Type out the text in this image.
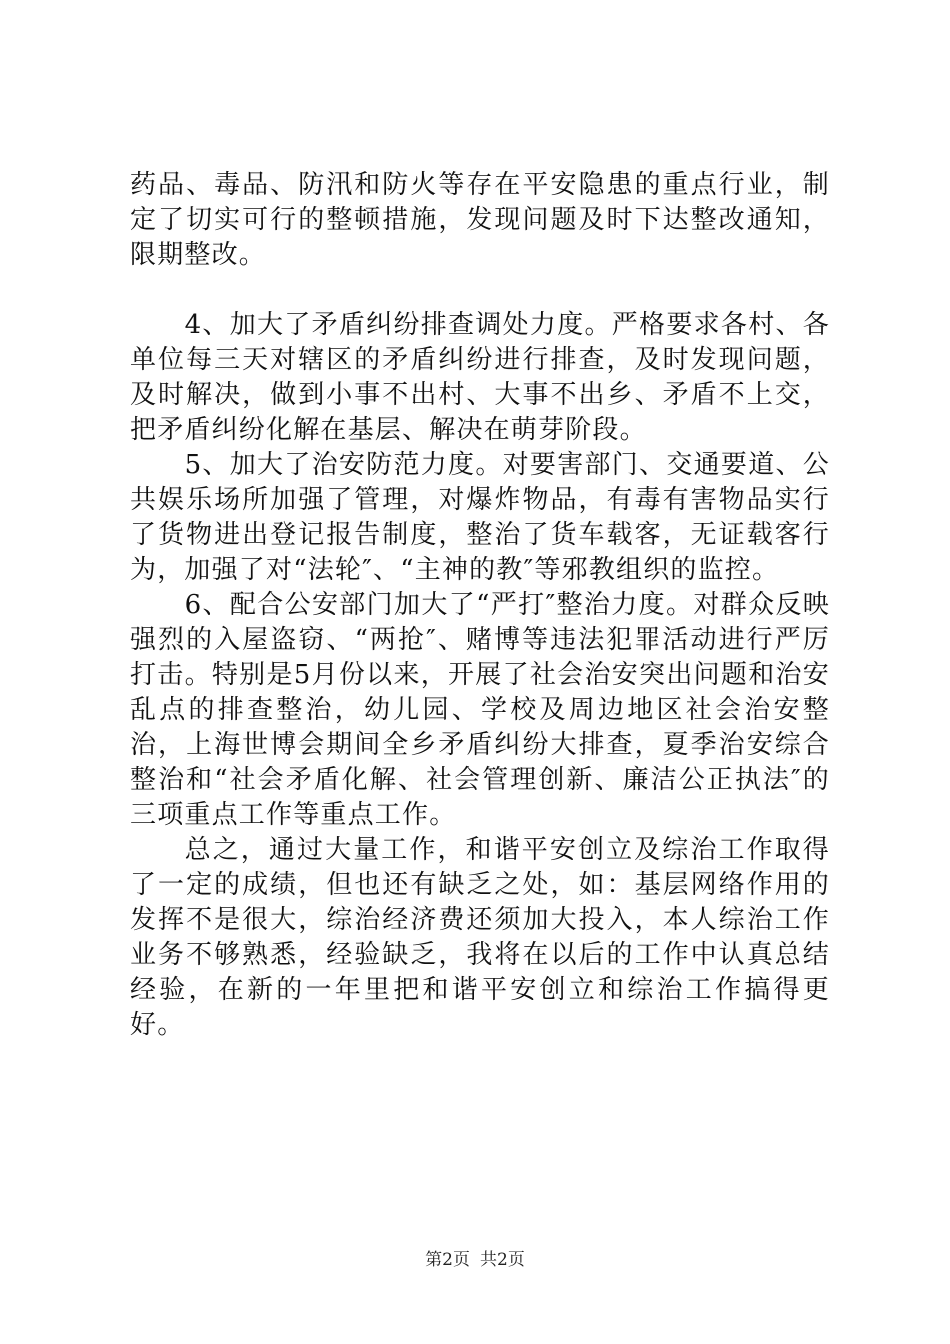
药品、毒品、防汛和防火等存在平安隐患的重点行业，制定了切实可行的整顿措施，发现问题及时下达整改通知，限期整改。

4、加大了矛盾纠纷排查调处力度。严格要求各村、各单位每三天对辖区的矛盾纠纷进行排查，及时发现问题，及时解决，做到小事不出村、大事不出乡、矛盾不上交，把矛盾纠纷化解在基层、解决在萌芽阶段。

5、加大了治安防范力度。对要害部门、交通要道、公共娱乐场所加强了管理，对爆炸物品，有毒有害物品实行了货物进出登记报告制度，整治了货车载客，无证载客行为，加强了对“法轮″、“主神的教″等邪教组织的监控。

6、配合公安部门加大了“严打″整治力度。对群众反映强烈的入屋盗窃、“两抢″、赌博等违法犯罪活动进行严厉打击。特别是5月份以来，开展了社会治安突出问题和治安乱点的排查整治，幼儿园、学校及周边地区社会治安整治，上海世博会期间全乡矛盾纠纷大排查，夏季治安综合整治和“社会矛盾化解、社会管理创新、廉洁公正执法″的三项重点工作等重点工作。

总之，通过大量工作，和谐平安创立及综治工作取得了一定的成绩，但也还有缺乏之处，如：基层网络作用的发挥不是很大，综治经济费还须加大投入，本人综治工作业务不够熟悉，经验缺乏，我将在以后的工作中认真总结经验，在新的一年里把和谐平安创立和综治工作搞得更好。

第2页 共2页
